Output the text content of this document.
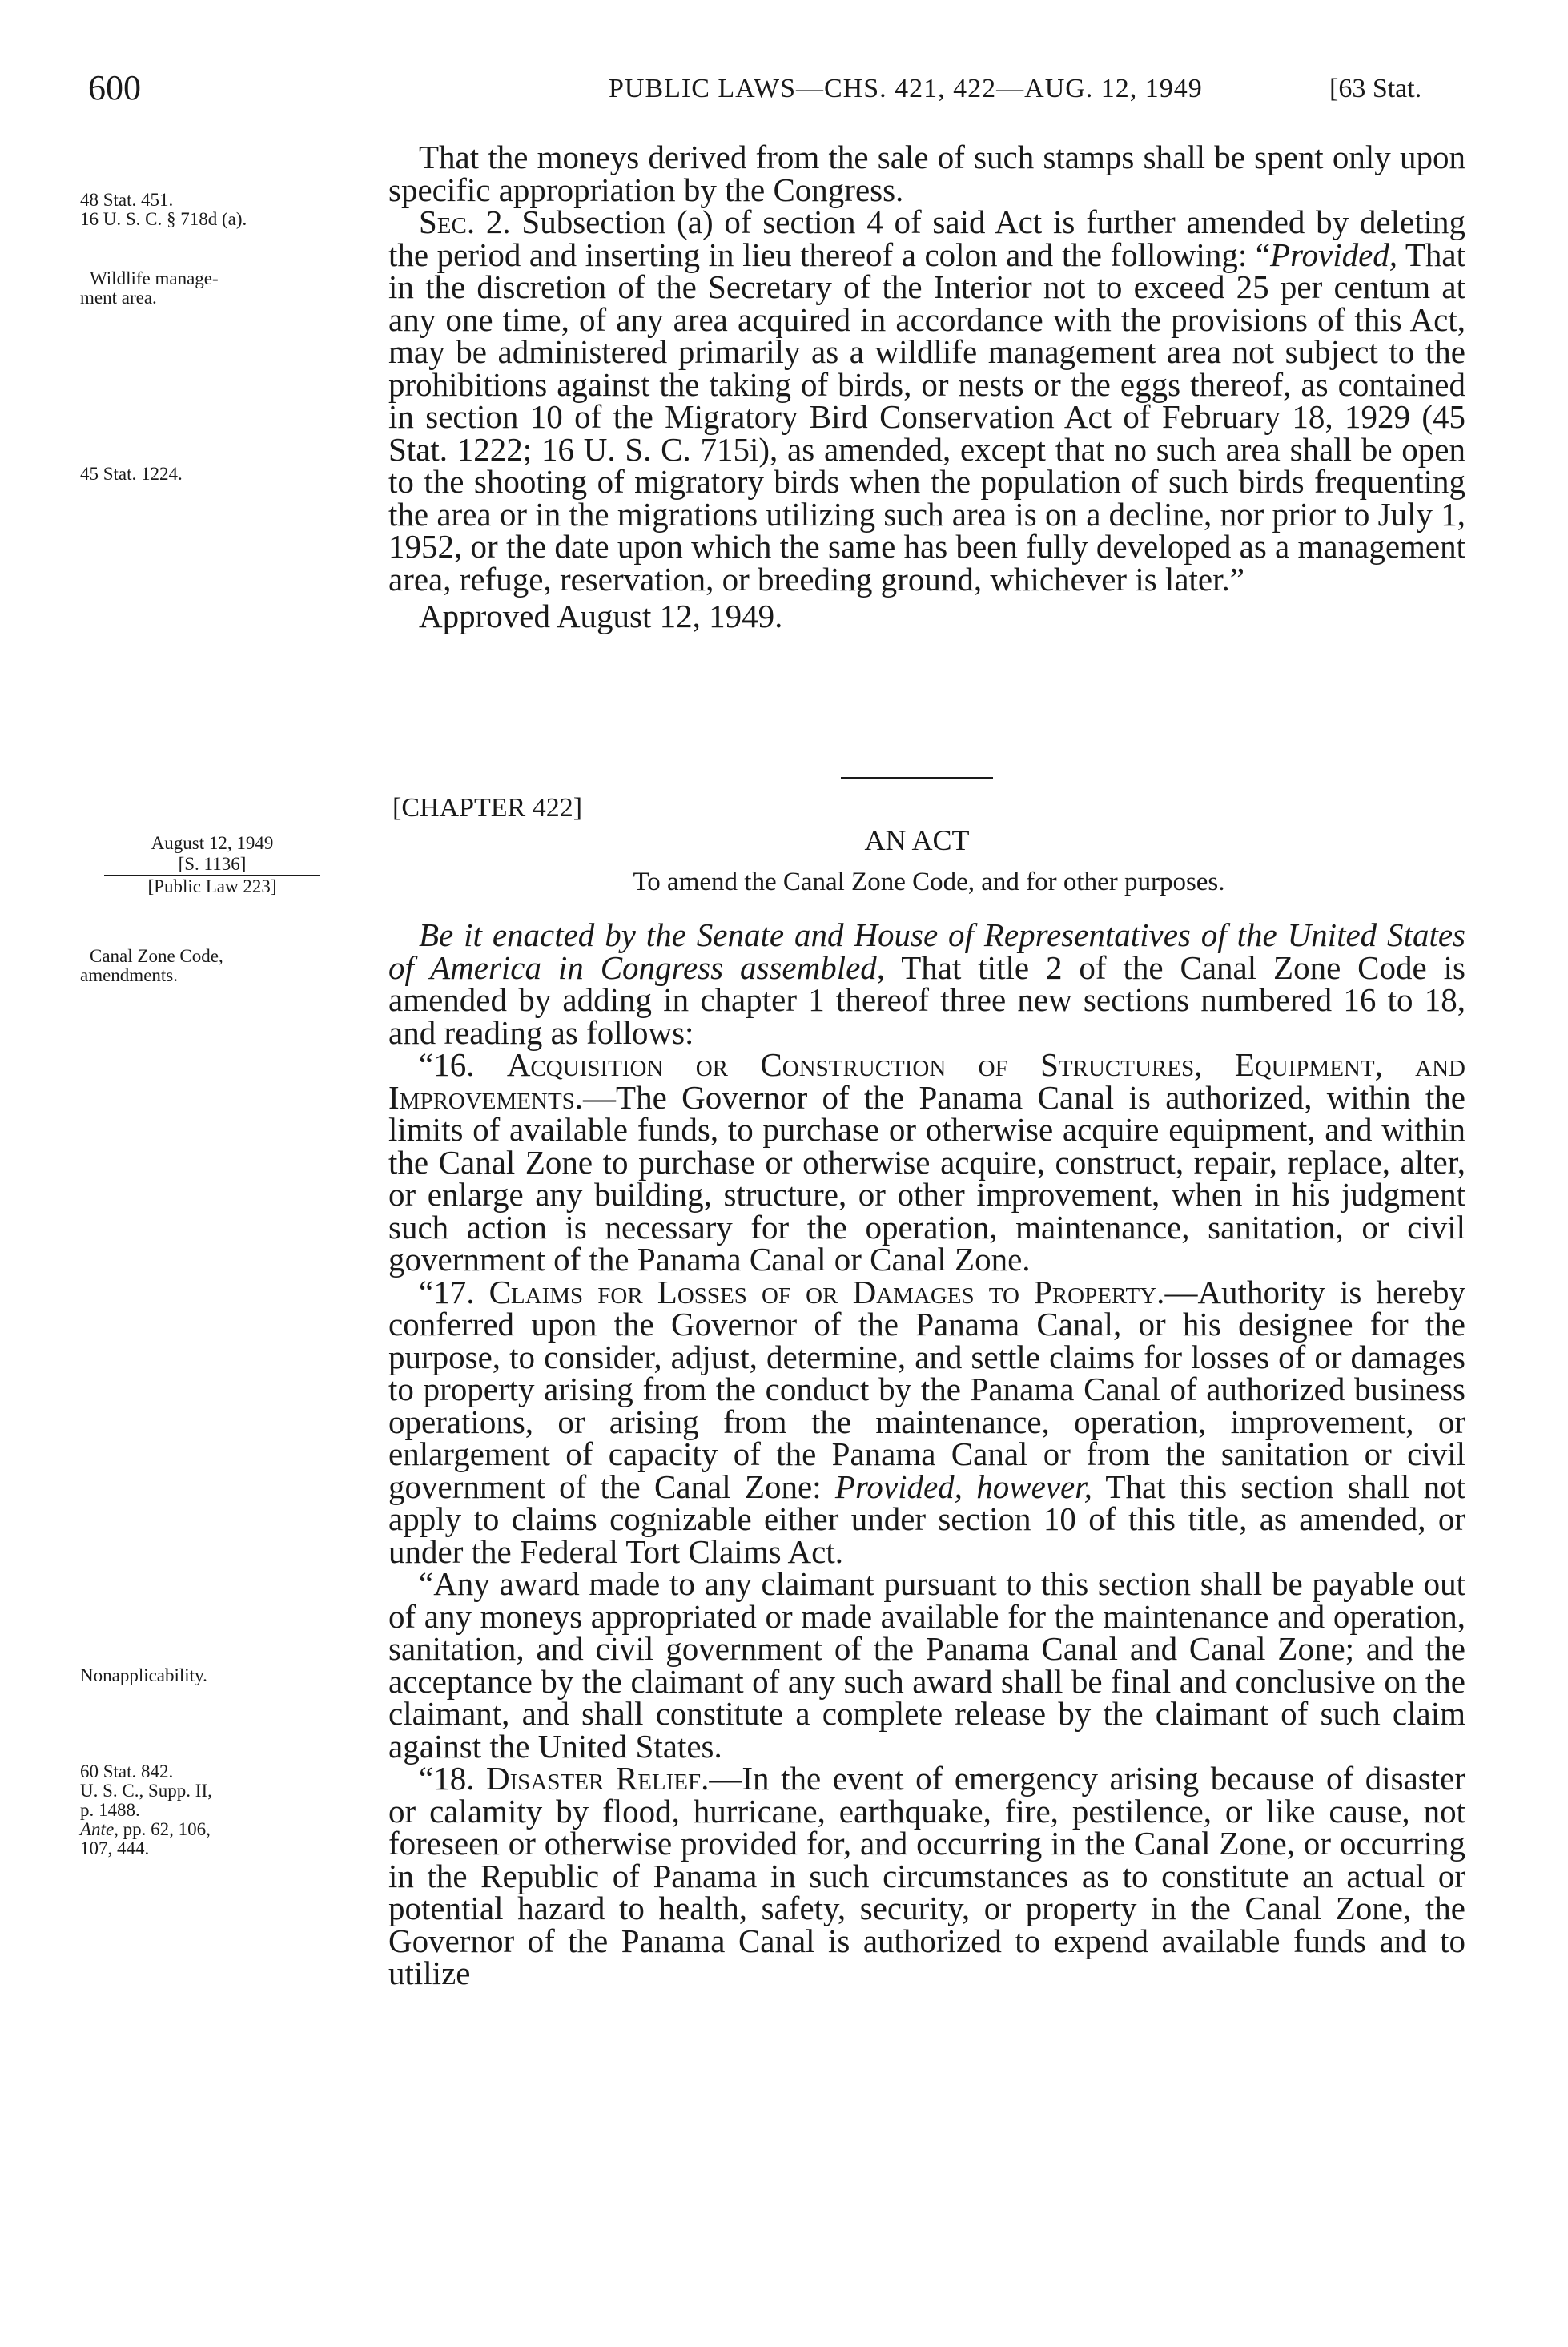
600	PUBLIC LAWS—CHS. 421, 422—AUG. 12, 1949	[63 Stat.
48 Stat. 451.
16 U. S. C. § 718d (a).
Wildlife manage-
ment area.
45 Stat. 1224.
August 12, 1949
[S. 1136]
[Public Law 223]
Canal Zone Code,
amendments.
Nonapplicability.
60 Stat. 842.
U. S. C., Supp. II,
p. 1488.
Ante, pp. 62, 106,
107, 444.

That the moneys derived from the sale of such stamps shall be spent only upon specific appropriation by the Congress.

Sec. 2. Subsection (a) of section 4 of said Act is further amended by deleting the period and inserting in lieu thereof a colon and the following: “Provided, That in the discretion of the Secretary of the Interior not to exceed 25 per centum at any one time, of any area acquired in accordance with the provisions of this Act, may be administered primarily as a wildlife management area not subject to the prohibitions against the taking of birds, or nests or the eggs thereof, as contained in section 10 of the Migratory Bird Conservation Act of February 18, 1929 (45 Stat. 1222; 16 U. S. C. 715i), as amended, except that no such area shall be open to the shooting of migratory birds when the population of such birds frequenting the area or in the migrations utilizing such area is on a decline, nor prior to July 1, 1952, or the date upon which the same has been fully developed as a management area, refuge, reservation, or breeding ground, whichever is later.”

Approved August 12, 1949.

[CHAPTER 422]
AN ACT
To amend the Canal Zone Code, and for other purposes.

Be it enacted by the Senate and House of Representatives of the United States of America in Congress assembled, That title 2 of the Canal Zone Code is amended by adding in chapter 1 thereof three new sections numbered 16 to 18, and reading as follows:

“16. Acquisition or Construction of Structures, Equipment, and Improvements.—The Governor of the Panama Canal is authorized, within the limits of available funds, to purchase or otherwise acquire equipment, and within the Canal Zone to purchase or otherwise acquire, construct, repair, replace, alter, or enlarge any building, structure, or other improvement, when in his judgment such action is necessary for the operation, maintenance, sanitation, or civil government of the Panama Canal or Canal Zone.

“17. Claims for Losses of or Damages to Property.—Authority is hereby conferred upon the Governor of the Panama Canal, or his designee for the purpose, to consider, adjust, determine, and settle claims for losses of or damages to property arising from the conduct by the Panama Canal of authorized business operations, or arising from the maintenance, operation, improvement, or enlargement of capacity of the Panama Canal or from the sanitation or civil government of the Canal Zone: Provided, however, That this section shall not apply to claims cognizable either under section 10 of this title, as amended, or under the Federal Tort Claims Act.

“Any award made to any claimant pursuant to this section shall be payable out of any moneys appropriated or made available for the maintenance and operation, sanitation, and civil government of the Panama Canal and Canal Zone; and the acceptance by the claimant of any such award shall be final and conclusive on the claimant, and shall constitute a complete release by the claimant of such claim against the United States.

“18. Disaster Relief.—In the event of emergency arising because of disaster or calamity by flood, hurricane, earthquake, fire, pestilence, or like cause, not foreseen or otherwise provided for, and occurring in the Canal Zone, or occurring in the Republic of Panama in such circumstances as to constitute an actual or potential hazard to health, safety, security, or property in the Canal Zone, the Governor of the Panama Canal is authorized to expend available funds and to utilize
